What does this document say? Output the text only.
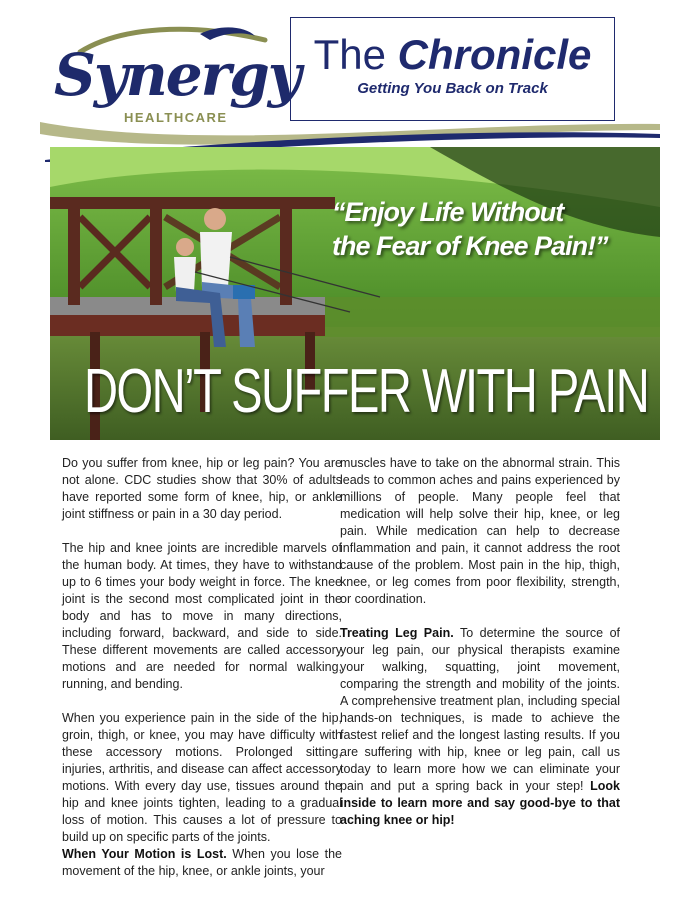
Synergy
HEALTHCARE
The Chronicle
Getting You Back on Track
“Enjoy Life Without
the Fear of Knee Pain!”
DON’T SUFFER WITH PAIN

Do you suffer from knee, hip or leg pain? You are not alone. CDC studies show that 30% of adults have reported some form of knee, hip, or ankle joint stiffness or pain in a 30 day period.

The hip and knee joints are incredible marvels of the human body. At times, they have to withstand up to 6 times your body weight in force. The knee joint is the second most complicated joint in the body and has to move in many directions, including forward, backward, and side to side. These different movements are called accessory motions and are needed for normal walking, running, and bending.

When you experience pain in the side of the hip, groin, thigh, or knee, you may have difficulty with these accessory motions. Prolonged sitting, injuries, arthritis, and disease can affect accessory motions. With every day use, tissues around the hip and knee joints tighten, leading to a gradual loss of motion. This causes a lot of pressure to build up on specific parts of the joints.

When Your Motion is Lost. When you lose the movement of the hip, knee, or ankle joints, your

muscles have to take on the abnormal strain. This leads to common aches and pains experienced by millions of people. Many people feel that medication will help solve their hip, knee, or leg pain. While medication can help to decrease inflammation and pain, it cannot address the root cause of the problem. Most pain in the hip, thigh, knee, or leg comes from poor flexibility, strength, or coordination.

Treating Leg Pain. To determine the source of your leg pain, our physical therapists examine your walking, squatting, joint movement, comparing the strength and mobility of the joints. A comprehensive treatment plan, including special hands-on techniques, is made to achieve the fastest relief and the longest lasting results. If you are suffering with hip, knee or leg pain, call us today to learn more how we can eliminate your pain and put a spring back in your step! Look inside to learn more and say good-bye to that aching knee or hip!
